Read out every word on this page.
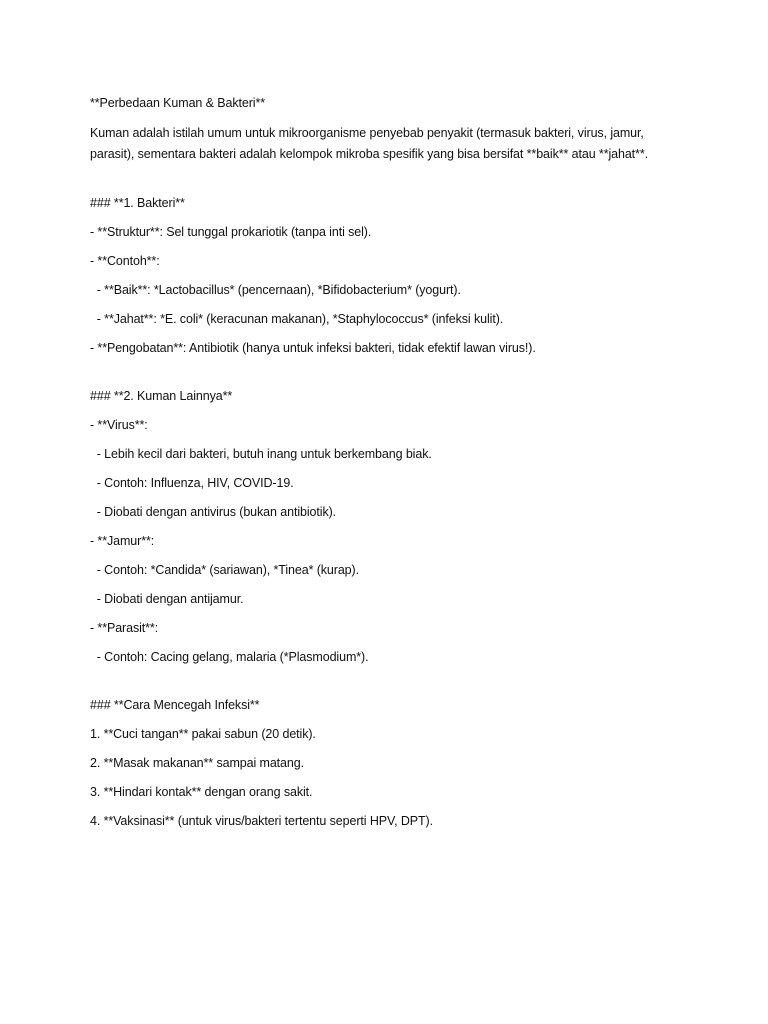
**Perbedaan Kuman & Bakteri**
Kuman adalah istilah umum untuk mikroorganisme penyebab penyakit (termasuk bakteri, virus, jamur, parasit), sementara bakteri adalah kelompok mikroba spesifik yang bisa bersifat **baik** atau **jahat**.
### **1. Bakteri**
- **Struktur**: Sel tunggal prokariotik (tanpa inti sel).
- **Contoh**:
- **Baik**: *Lactobacillus* (pencernaan), *Bifidobacterium* (yogurt).
- **Jahat**: *E. coli* (keracunan makanan), *Staphylococcus* (infeksi kulit).
- **Pengobatan**: Antibiotik (hanya untuk infeksi bakteri, tidak efektif lawan virus!).
### **2. Kuman Lainnya**
- **Virus**:
- Lebih kecil dari bakteri, butuh inang untuk berkembang biak.
- Contoh: Influenza, HIV, COVID-19.
- Diobati dengan antivirus (bukan antibiotik).
- **Jamur**:
- Contoh: *Candida* (sariawan), *Tinea* (kurap).
- Diobati dengan antijamur.
- **Parasit**:
- Contoh: Cacing gelang, malaria (*Plasmodium*).
### **Cara Mencegah Infeksi**
1. **Cuci tangan** pakai sabun (20 detik).
2. **Masak makanan** sampai matang.
3. **Hindari kontak** dengan orang sakit.
4. **Vaksinasi** (untuk virus/bakteri tertentu seperti HPV, DPT).
